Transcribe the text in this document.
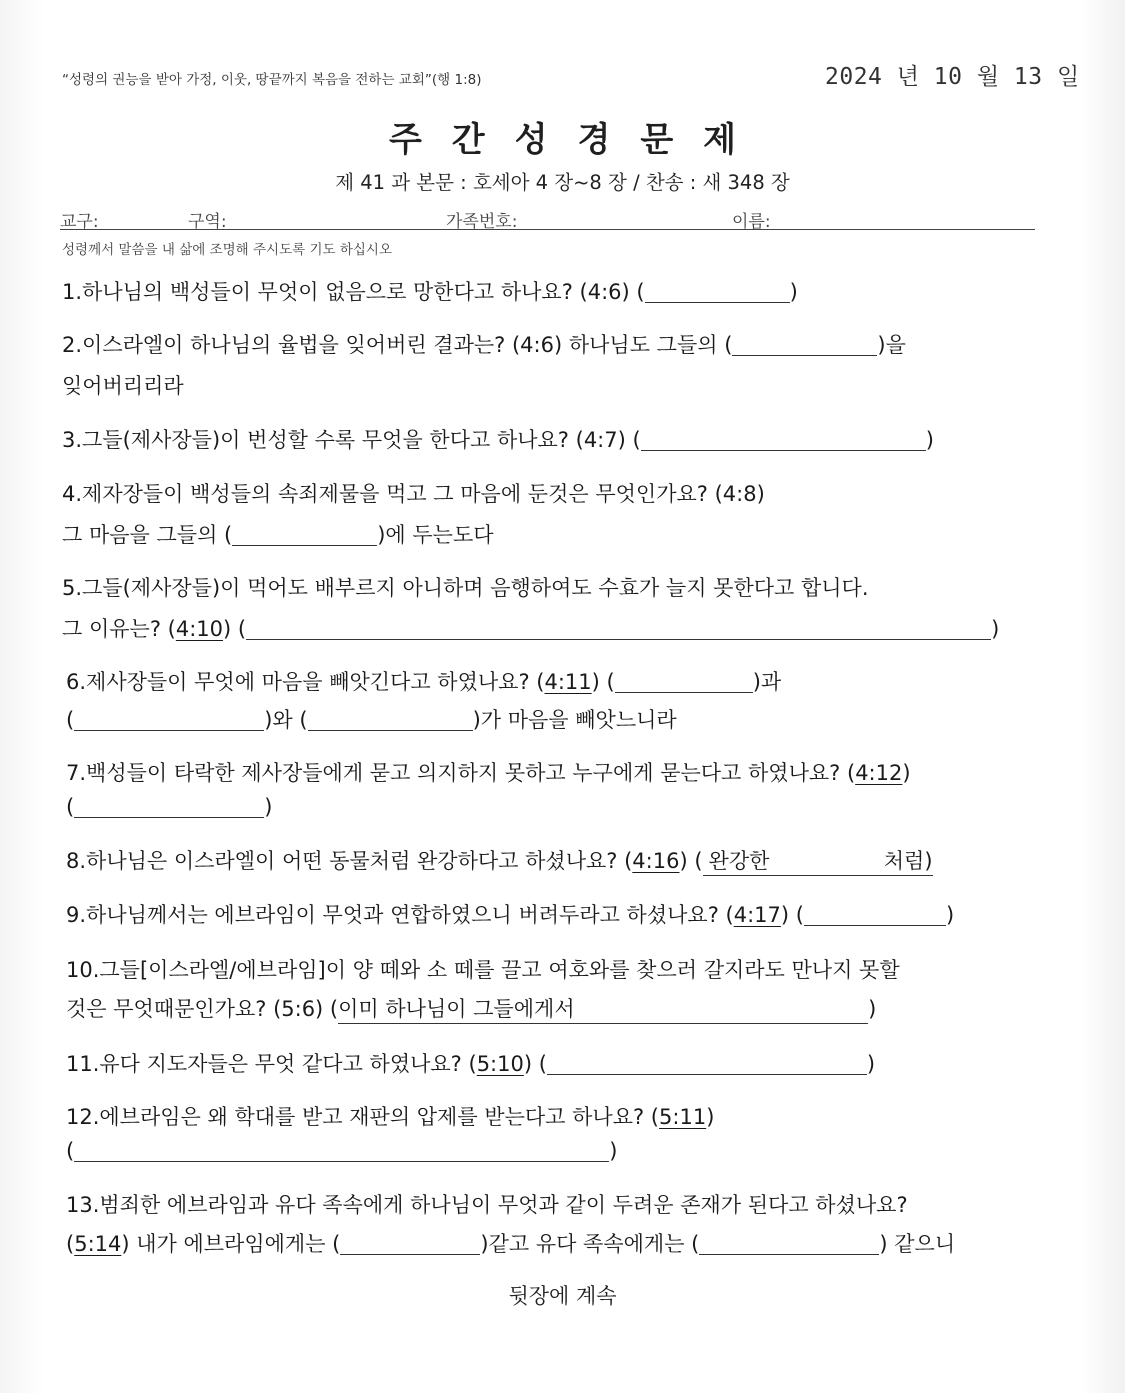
“성령의 권능을 받아 가정, 이웃, 땅끝까지 복음을 전하는 교회”(행 1:8)	2024 년 10 월 13 일
주간성경문제
제 41 과 본문 : 호세아 4 장~8 장 / 찬송 : 새 348 장
교구:	구역:	가족번호:	이름:
성령께서 말씀을 내 삶에 조명해 주시도록 기도 하십시오
1.하나님의 백성들이 무엇이 없음으로 망한다고 하나요? (4:6) (	)
2.이스라엘이 하나님의 율법을 잊어버린 결과는? (4:6) 하나님도 그들의 (	)을
잊어버리리라
3.그들(제사장들)이 번성할 수록 무엇을 한다고 하나요? (4:7) (	)
4.제자장들이 백성들의 속죄제물을 먹고 그 마음에 둔것은 무엇인가요? (4:8)
그 마음을 그들의 (	)에 두는도다
5.그들(제사장들)이 먹어도 배부르지 아니하며 음행하여도 수효가 늘지 못한다고 합니다.
그 이유는? (4:10) (	)
6.제사장들이 무엇에 마음을 빼앗긴다고 하였나요? (4:11) (	)과
(	)와 (	)가 마음을 빼앗느니라
7.백성들이 타락한 제사장들에게 묻고 의지하지 못하고 누구에게 묻는다고 하였나요? (4:12)
(	)
8.하나님은 이스라엘이 어떤 동물처럼 완강하다고 하셨나요? (4:16) ( 완강한	처럼)
9.하나님께서는 에브라임이 무엇과 연합하였으니 버려두라고 하셨나요? (4:17) (	)
10.그들[이스라엘/에브라임]이 양 떼와 소 떼를 끌고 여호와를 찾으러 갈지라도 만나지 못할
것은 무엇때문인가요? (5:6) (이미 하나님이 그들에게서	)
11.유다 지도자들은 무엇 같다고 하였나요? (5:10) (	)
12.에브라임은 왜 학대를 받고 재판의 압제를 받는다고 하나요? (5:11)
(	)
13.범죄한 에브라임과 유다 족속에게 하나님이 무엇과 같이 두려운 존재가 된다고 하셨나요?
(5:14) 내가 에브라임에게는 (	)같고 유다 족속에게는 (	) 같으니
뒷장에 계속
